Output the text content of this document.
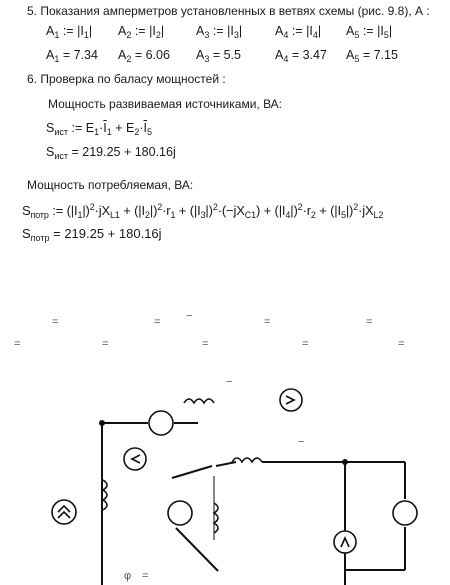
5. Показания амперметров установленных в ветвях схемы (рис. 9.8), А :
$A_1$ := $|I_1|$ $A_2$ := $|I_2|$	$A_3$ := $|I_3|$	$A_4$ := $|I_4|$ $A_5$ := $|I_5|$
$A_1 = 7.34$ $A_2 = 6.06$ $A_3 = 5.5$	$A_4 = 3.47$ $A_5 = 7.15$
6. Проверка по баласу мощностей :
Мощность развиваемая источниками, ВА:
$S_{ист}$ := $E_1\cdot\overline{I}_1 + E_2\cdot\overline{I}_5$
$S_{ист} = 219.25 + 180.16j$
Мощность потребляемая, ВА:
$S_{потр}$ := $(|I_1|)^2\cdot jX_{L1} + (|I_2|)^2\cdot r_1 + (|I_3|)^2\cdot(-jX_{C1}) + (|I_4|)^2\cdot r_2 + (|I_5|)^2\cdot jX_{L2}$
$S_{потр} = 219.25 + 180.16j$
=	= −	=	=
=	=	=	=	=
−
−
φ =
